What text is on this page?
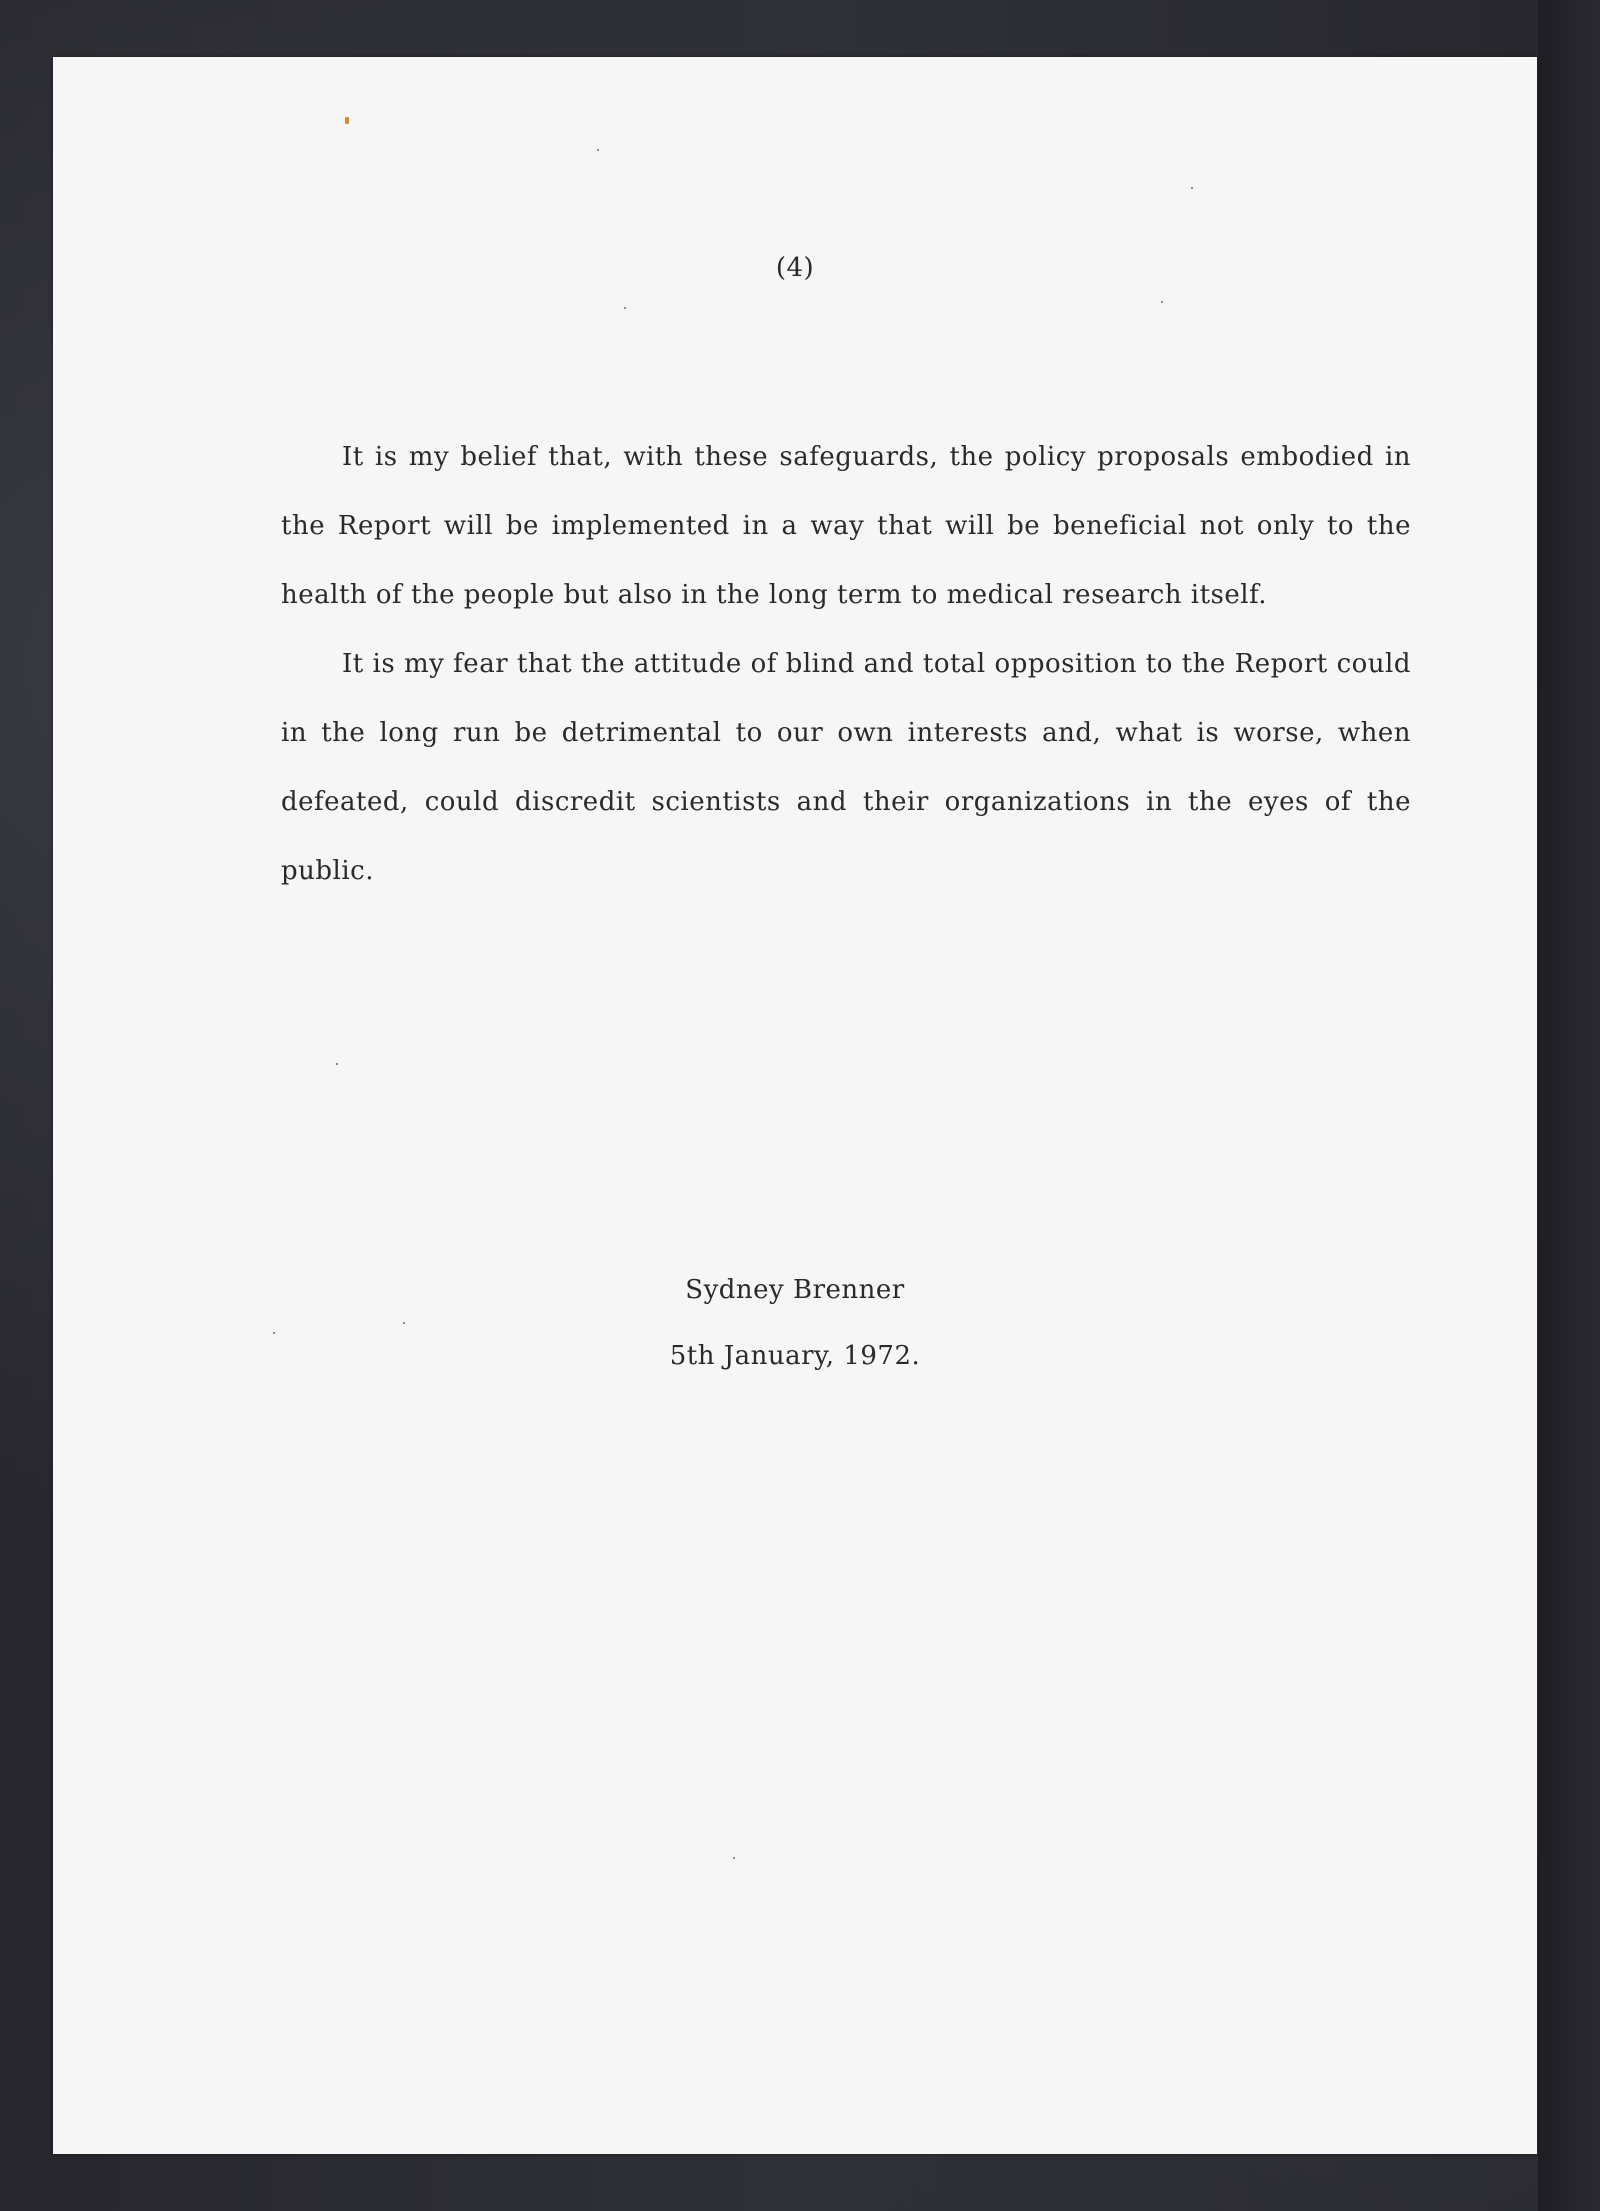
(4)

It is my belief that, with these safeguards, the policy proposals embodied in the Report will be implemented in a way that will be beneficial not only to the health of the people but also in the long term to medical research itself.

It is my fear that the attitude of blind and total opposition to the Report could in the long run be detrimental to our own interests and, what is worse, when defeated, could discredit scientists and their organizations in the eyes of the public.

Sydney Brenner
5th January, 1972.
